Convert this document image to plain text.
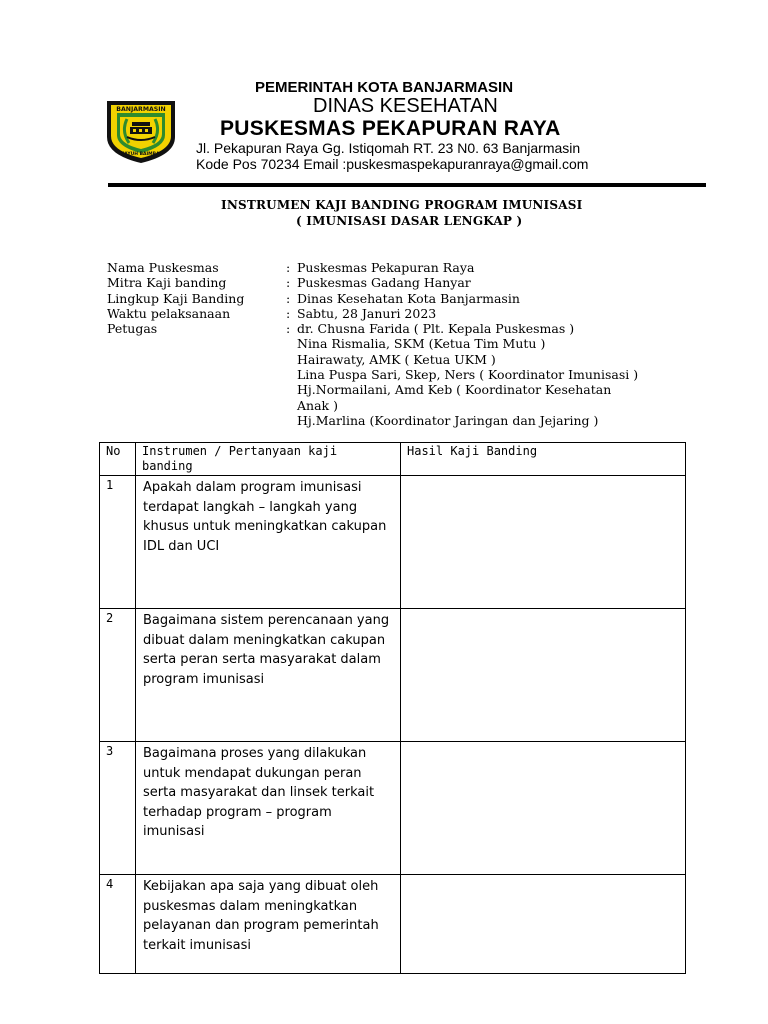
BANJARMASIN
KAYUH BAIMBAI
PEMERINTAH KOTA BANJARMASIN
DINAS KESEHATAN
PUSKESMAS PEKAPURAN RAYA
Jl. Pekapuran Raya Gg. Istiqomah RT. 23 N0. 63 Banjarmasin
Kode Pos 70234 Email :puskesmaspekapuranraya@gmail.com
INSTRUMEN KAJI BANDING PROGRAM IMUNISASI
( IMUNISASI DASAR LENGKAP )
Nama Puskesmas	: Puskesmas Pekapuran Raya
Mitra Kaji banding	: Puskesmas Gadang Hanyar
Lingkup Kaji Banding	: Dinas Kesehatan Kota Banjarmasin
Waktu pelaksanaan	: Sabtu, 28 Januri 2023
Petugas	: dr. Chusna Farida ( Plt. Kepala Puskesmas )
Nina Rismalia, SKM (Ketua Tim Mutu )
Hairawaty, AMK ( Ketua UKM )
Lina Puspa Sari, Skep, Ners ( Koordinator Imunisasi )
Hj.Normailani, Amd Keb ( Koordinator Kesehatan
Anak )
Hj.Marlina (Koordinator Jaringan dan Jejaring )
No	Instrumen / Pertanyaan kaji banding	Hasil Kaji Banding
1	Apakah dalam program imunisasi terdapat langkah – langkah yang khusus untuk meningkatkan cakupan IDL dan UCI	
2	Bagaimana sistem perencanaan yang dibuat dalam meningkatkan cakupan serta peran serta masyarakat dalam program imunisasi	
3	Bagaimana proses yang dilakukan untuk mendapat dukungan peran serta masyarakat dan linsek terkait terhadap program – program imunisasi	
4	Kebijakan apa saja yang dibuat oleh puskesmas dalam meningkatkan pelayanan dan program pemerintah terkait imunisasi	
